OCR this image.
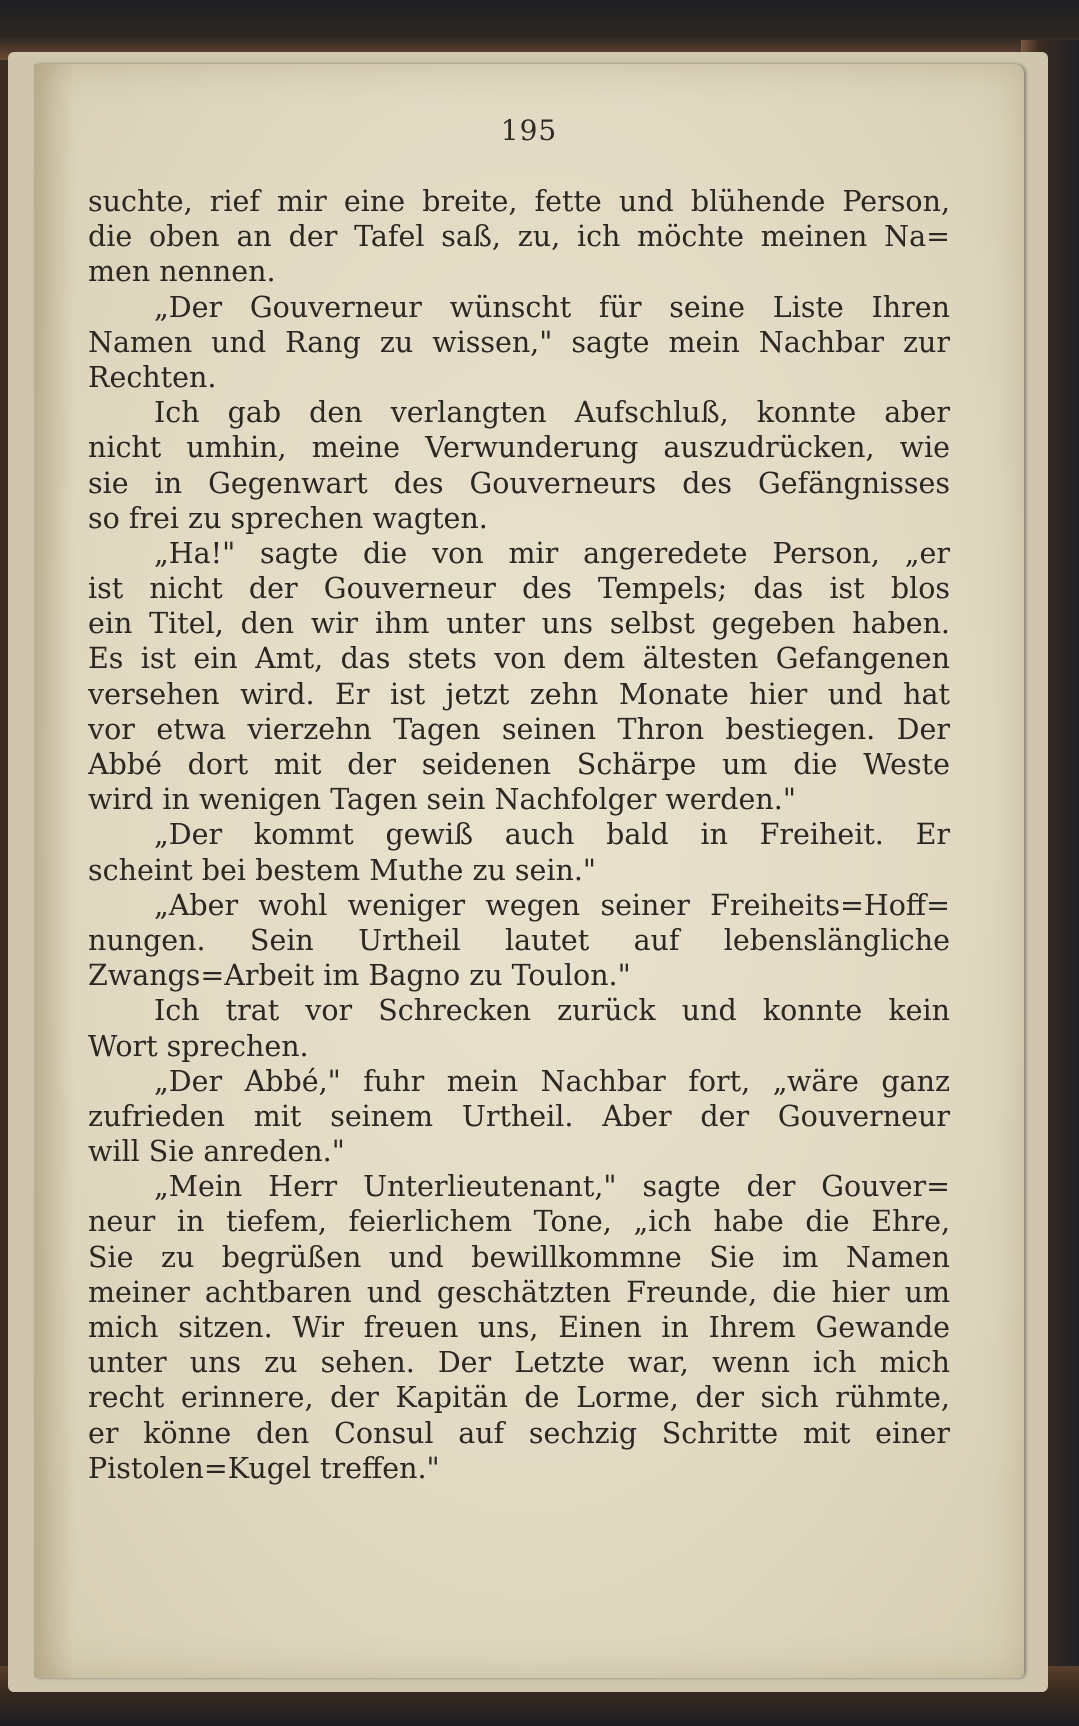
195
suchte, rief mir eine breite, fette und blühende Person,
die oben an der Tafel saß, zu, ich möchte meinen Na=
men nennen.
„Der Gouverneur wünscht für seine Liste Ihren
Namen und Rang zu wissen," sagte mein Nachbar zur
Rechten.
Ich gab den verlangten Aufschluß, konnte aber
nicht umhin, meine Verwunderung auszudrücken, wie
sie in Gegenwart des Gouverneurs des Gefängnisses
so frei zu sprechen wagten.
„Ha!" sagte die von mir angeredete Person, „er
ist nicht der Gouverneur des Tempels; das ist blos
ein Titel, den wir ihm unter uns selbst gegeben haben.
Es ist ein Amt, das stets von dem ältesten Gefangenen
versehen wird. Er ist jetzt zehn Monate hier und hat
vor etwa vierzehn Tagen seinen Thron bestiegen. Der
Abbé dort mit der seidenen Schärpe um die Weste
wird in wenigen Tagen sein Nachfolger werden."
„Der kommt gewiß auch bald in Freiheit. Er
scheint bei bestem Muthe zu sein."
„Aber wohl weniger wegen seiner Freiheits=Hoff=
nungen. Sein Urtheil lautet auf lebenslängliche
Zwangs=Arbeit im Bagno zu Toulon."
Ich trat vor Schrecken zurück und konnte kein
Wort sprechen.
„Der Abbé," fuhr mein Nachbar fort, „wäre ganz
zufrieden mit seinem Urtheil. Aber der Gouverneur
will Sie anreden."
„Mein Herr Unterlieutenant," sagte der Gouver=
neur in tiefem, feierlichem Tone, „ich habe die Ehre,
Sie zu begrüßen und bewillkommne Sie im Namen
meiner achtbaren und geschätzten Freunde, die hier um
mich sitzen. Wir freuen uns, Einen in Ihrem Gewande
unter uns zu sehen. Der Letzte war, wenn ich mich
recht erinnere, der Kapitän de Lorme, der sich rühmte,
er könne den Consul auf sechzig Schritte mit einer
Pistolen=Kugel treffen."
